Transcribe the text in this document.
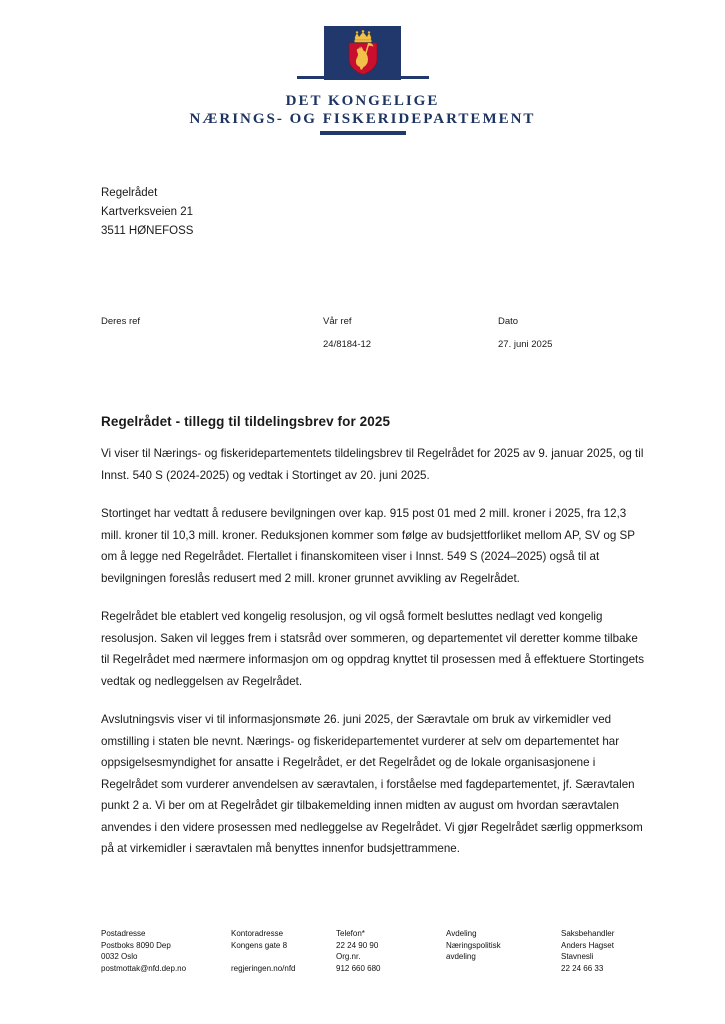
DET KONGELIGE
NÆRINGS- OG FISKERIDEPARTEMENT
Regelrådet
Kartverksveien 21
3511 HØNEFOSS
Deres ref	Vår ref
24/8184-12
Dato
27. juni 2025
Regelrådet - tillegg til tildelingsbrev for 2025

Vi viser til Nærings- og fiskeridepartementets tildelingsbrev til Regelrådet for 2025 av 9. januar 2025, og til Innst. 540 S (2024-2025) og vedtak i Stortinget av 20. juni 2025.

Stortinget har vedtatt å redusere bevilgningen over kap. 915 post 01 med 2 mill. kroner i 2025, fra 12,3 mill. kroner til 10,3 mill. kroner. Reduksjonen kommer som følge av budsjettforliket mellom AP, SV og SP om å legge ned Regelrådet. Flertallet i finanskomiteen viser i Innst. 549 S (2024–2025) også til at bevilgningen foreslås redusert med 2 mill. kroner grunnet avvikling av Regelrådet.

Regelrådet ble etablert ved kongelig resolusjon, og vil også formelt besluttes nedlagt ved kongelig resolusjon. Saken vil legges frem i statsråd over sommeren, og departementet vil deretter komme tilbake til Regelrådet med nærmere informasjon om og oppdrag knyttet til prosessen med å effektuere Stortingets vedtak og nedleggelsen av Regelrådet.

Avslutningsvis viser vi til informasjonsmøte 26. juni 2025, der Særavtale om bruk av virkemidler ved omstilling i staten ble nevnt. Nærings- og fiskeridepartementet vurderer at selv om departementet har oppsigelsesmyndighet for ansatte i Regelrådet, er det Regelrådet og de lokale organisasjonene i Regelrådet som vurderer anvendelsen av særavtalen, i forståelse med fagdepartementet, jf. Særavtalen punkt 2 a. Vi ber om at Regelrådet gir tilbakemelding innen midten av august om hvordan særavtalen anvendes i den videre prosessen med nedleggelse av Regelrådet. Vi gjør Regelrådet særlig oppmerksom på at virkemidler i særavtalen må benyttes innenfor budsjettrammene.

Postadresse
Postboks 8090 Dep
0032 Oslo
postmottak@nfd.dep.no
Kontoradresse
Kongens gate 8

regjeringen.no/nfd
Telefon*
22 24 90 90
Org.nr.
912 660 680
Avdeling
Næringspolitisk
avdeling
Saksbehandler
Anders Hagset
Stavnesli
22 24 66 33
